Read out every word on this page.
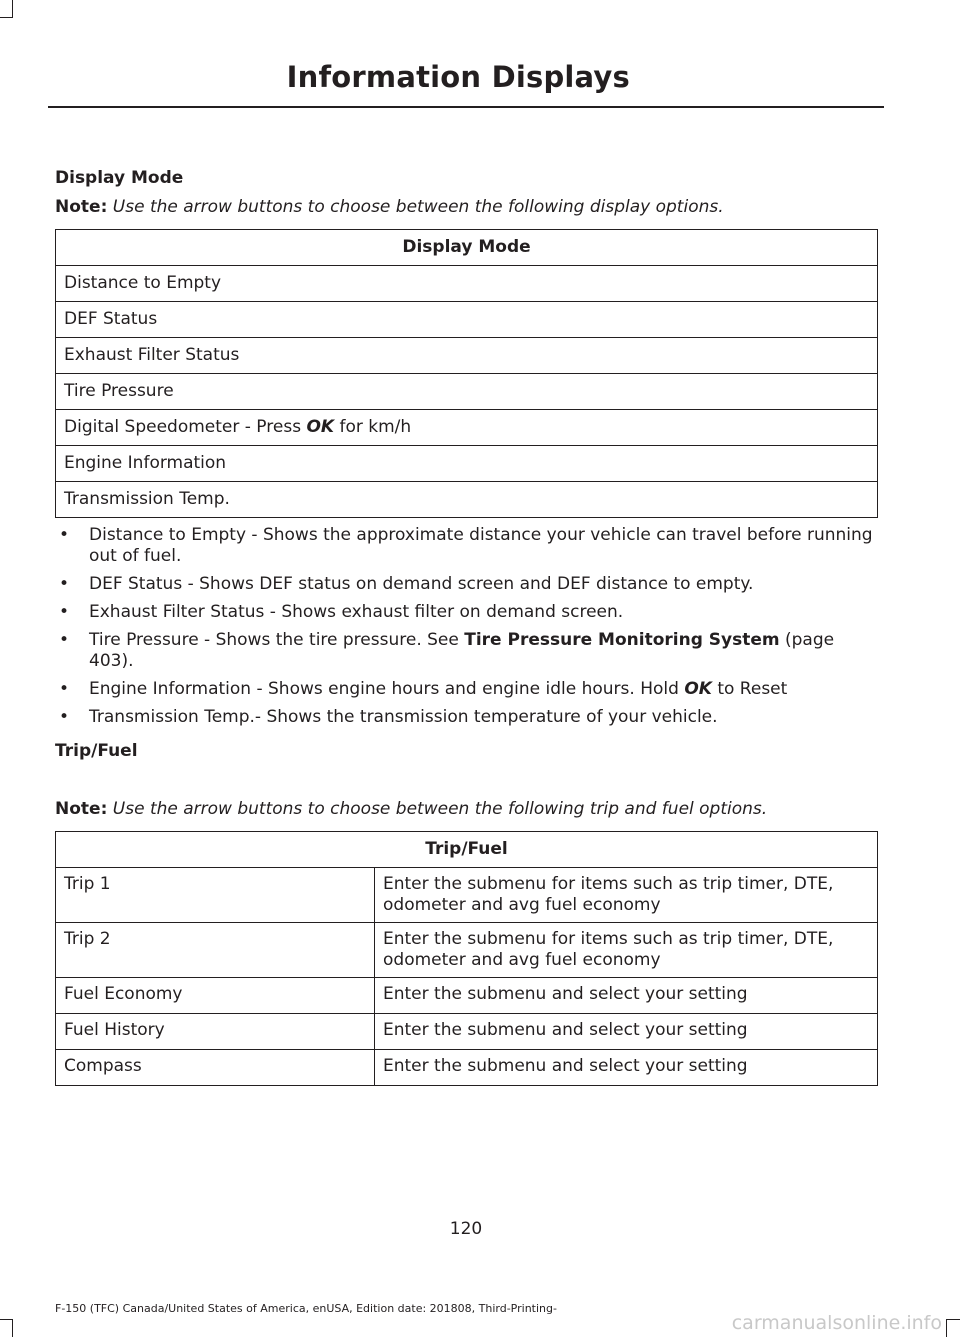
Information Displays
Display Mode
Note: Use the arrow buttons to choose between the following display options.
Display Mode
Distance to Empty
DEF Status
Exhaust Filter Status
Tire Pressure
Digital Speedometer - Press OK for km/h
Engine Information
Transmission Temp.
• Distance to Empty - Shows the approximate distance your vehicle can travel before running out of fuel.
• DEF Status - Shows DEF status on demand screen and DEF distance to empty.
• Exhaust Filter Status - Shows exhaust filter on demand screen.
• Tire Pressure - Shows the tire pressure. See Tire Pressure Monitoring System (page 403).
• Engine Information - Shows engine hours and engine idle hours. Hold OK to Reset
• Transmission Temp.- Shows the transmission temperature of your vehicle.
Trip/Fuel
Note: Use the arrow buttons to choose between the following trip and fuel options.
Trip/Fuel	
Trip 1	Enter the submenu for items such as trip timer, DTE, odometer and avg fuel economy
Trip 2	Enter the submenu for items such as trip timer, DTE, odometer and avg fuel economy
Fuel Economy	Enter the submenu and select your setting
Fuel History	Enter the submenu and select your setting
Compass	Enter the submenu and select your setting
120
F-150 (TFC) Canada/United States of America, enUSA, Edition date: 201808, Third-Printing-
carmanualsonline.info
